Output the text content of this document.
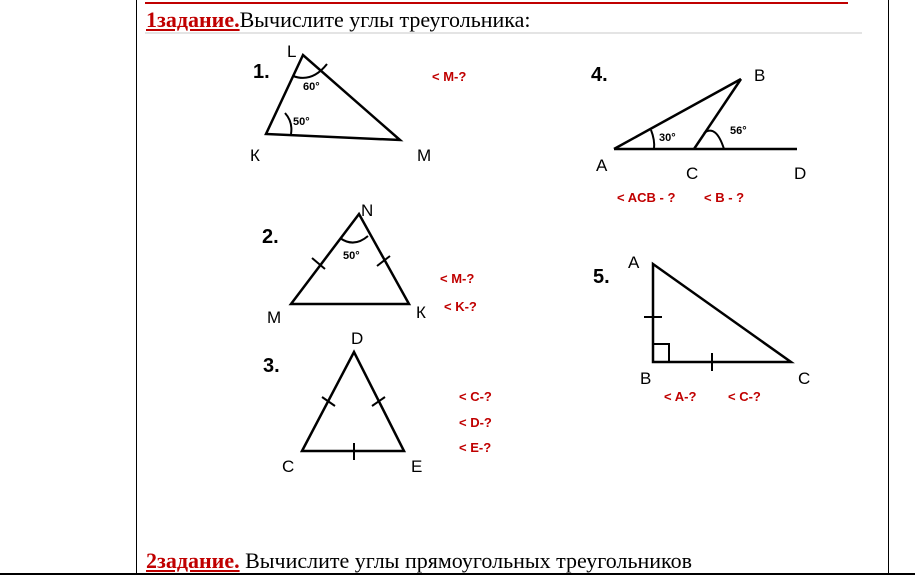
1задание.Вычислите углы треугольника:
2задание. Вычислите углы прямоугольных треугольников
1.
L
К	M
60°
50°
< M-?
2.
N
M	К
50°
< M-?
< K-?
3.
D
C	E
< C-?
< D-?
< E-?
4.	B
A	C	D
30°
56°
< ACB - ? < B - ?
5.
A
B	C
< A-? < C-?
